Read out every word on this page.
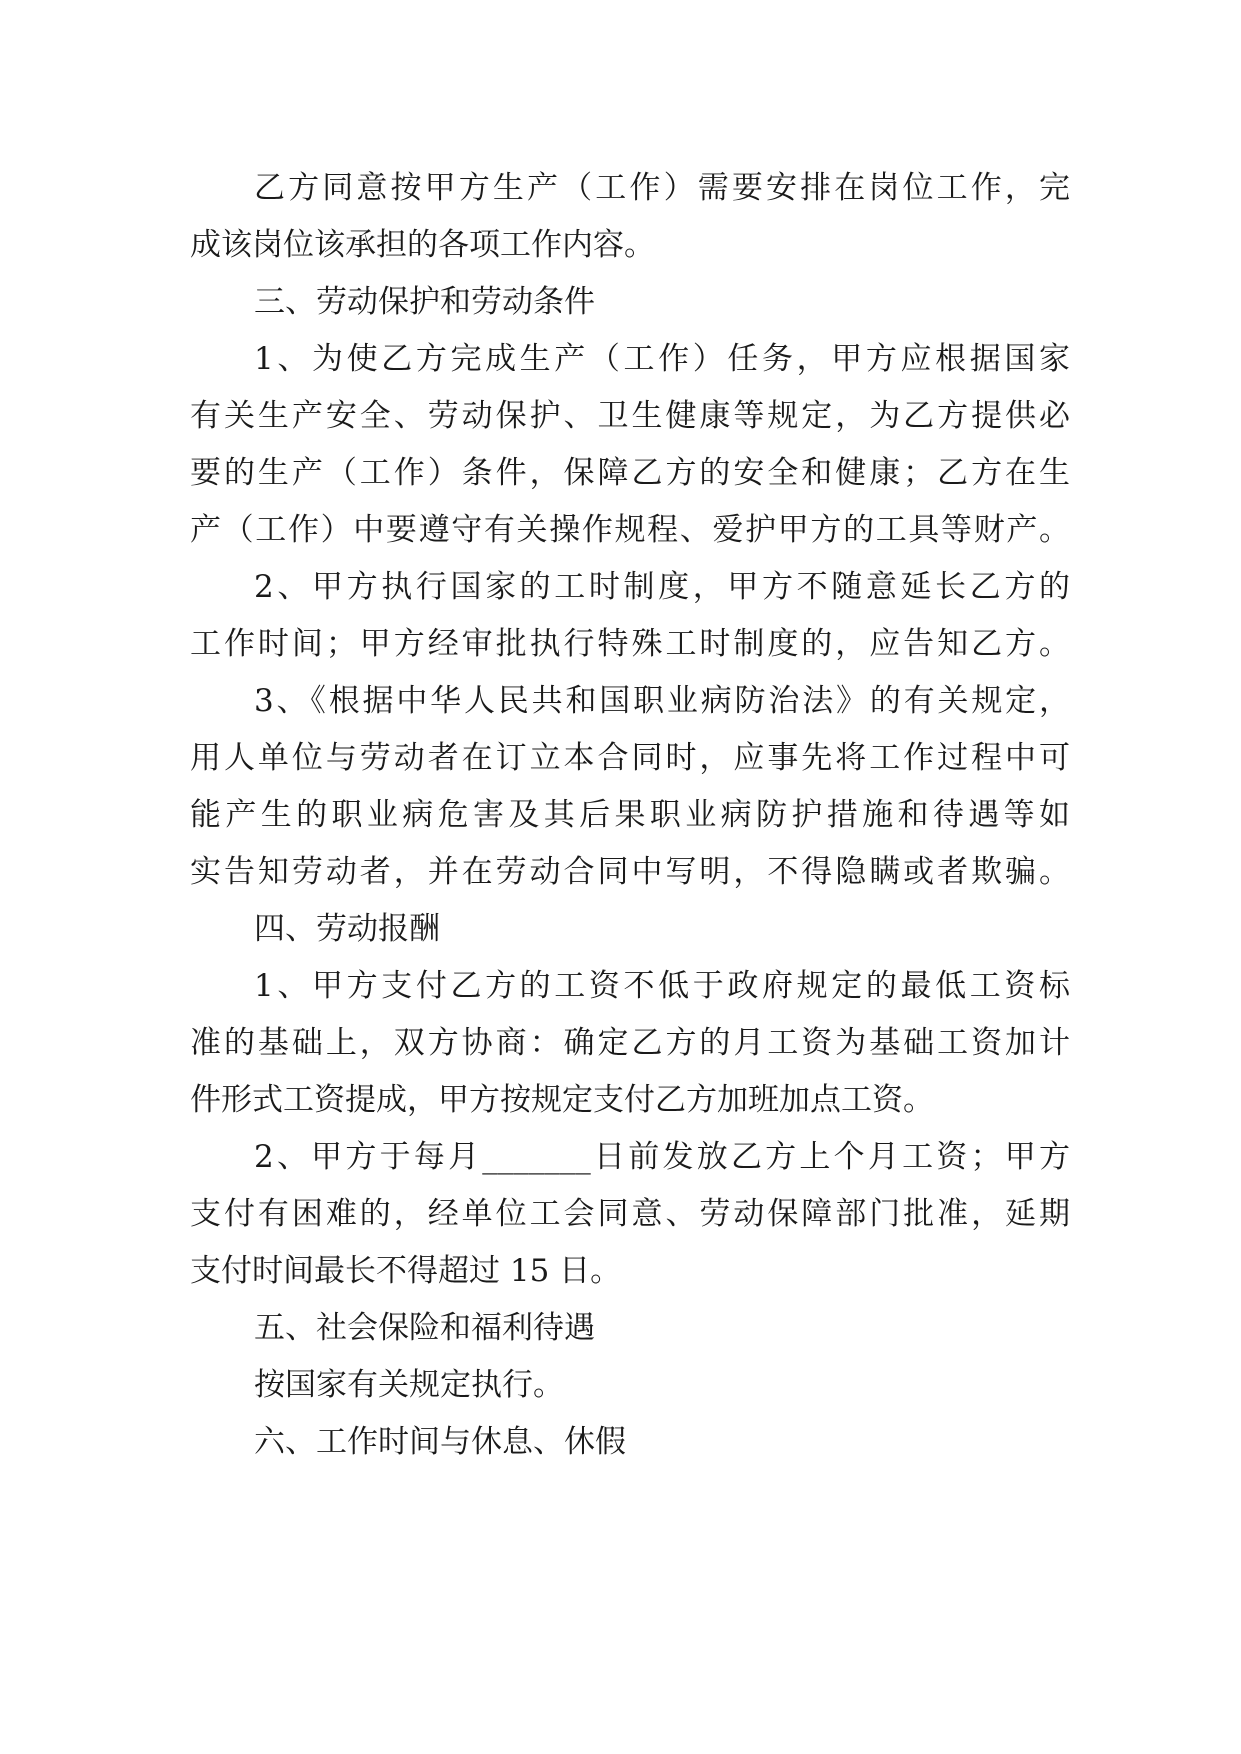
乙方同意按甲方生产（工作）需要安排在岗位工作，完
成该岗位该承担的各项工作内容。
三、劳动保护和劳动条件
1、为使乙方完成生产（工作）任务，甲方应根据国家
有关生产安全、劳动保护、卫生健康等规定，为乙方提供必
要的生产（工作）条件，保障乙方的安全和健康；乙方在生
产（工作）中要遵守有关操作规程、爱护甲方的工具等财产。
2、甲方执行国家的工时制度，甲方不随意延长乙方的
工作时间；甲方经审批执行特殊工时制度的，应告知乙方。
3、《根据中华人民共和国职业病防治法》的有关规定，
用人单位与劳动者在订立本合同时，应事先将工作过程中可
能产生的职业病危害及其后果职业病防护措施和待遇等如
实告知劳动者，并在劳动合同中写明，不得隐瞒或者欺骗。
四、劳动报酬
1、甲方支付乙方的工资不低于政府规定的最低工资标
准的基础上，双方协商：确定乙方的月工资为基础工资加计
件形式工资提成，甲方按规定支付乙方加班加点工资。
2、甲方于每月_______日前发放乙方上个月工资；甲方
支付有困难的，经单位工会同意、劳动保障部门批准，延期
支付时间最长不得超过 15 日。
五、社会保险和福利待遇
按国家有关规定执行。
六、工作时间与休息、休假
